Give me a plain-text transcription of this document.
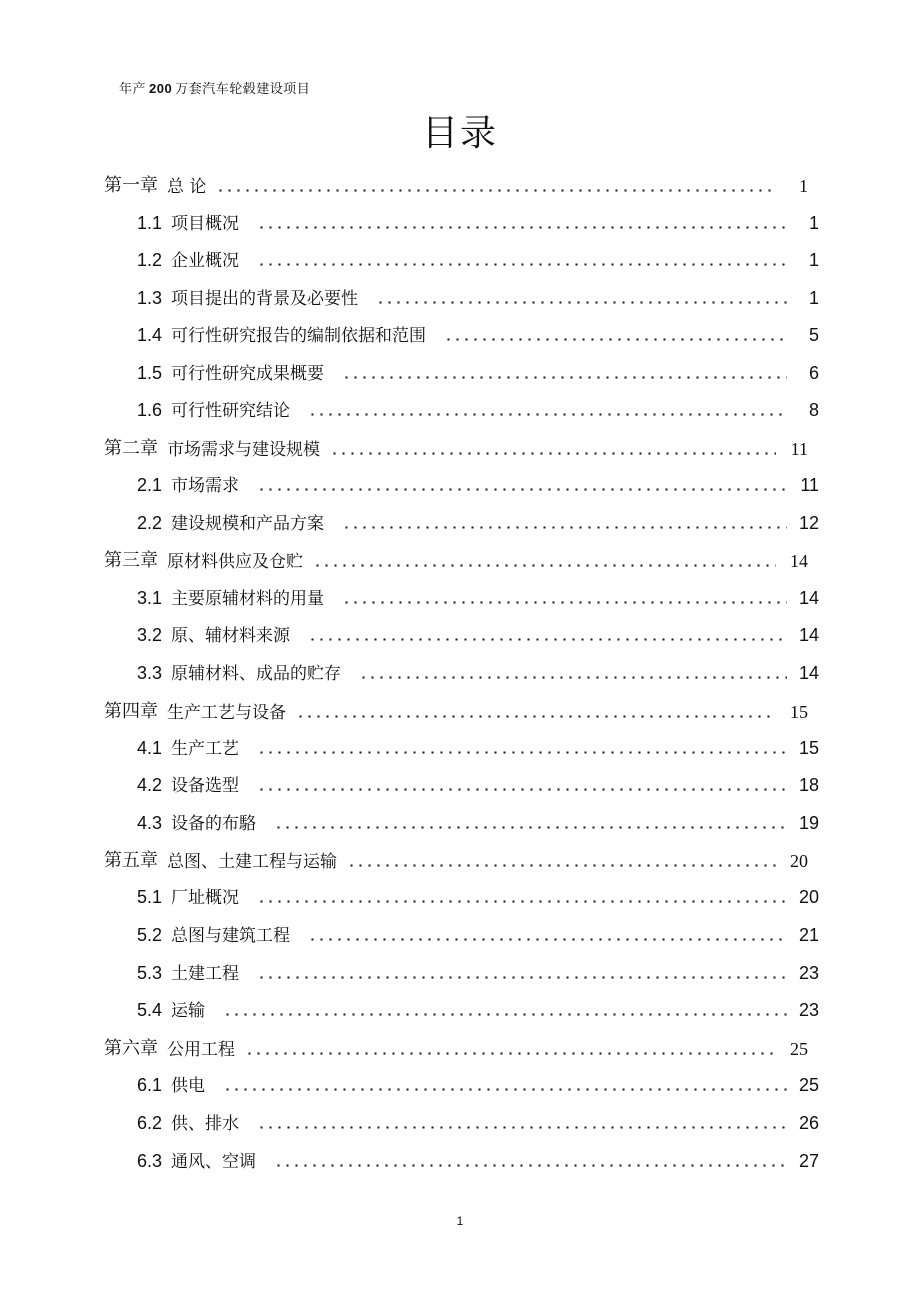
年产 200 万套汽车轮毂建设项目
目录
第一章 总 论	1
1.1 项目概况	1
1.2 企业概况	1
1.3 项目提出的背景及必要性	1
1.4 可行性研究报告的编制依据和范围	5
1.5 可行性研究成果概要	6
1.6 可行性研究结论	8
第二章 市场需求与建设规模	11
2.1 市场需求	11
2.2 建设规模和产品方案	12
第三章 原材料供应及仓贮	14
3.1 主要原辅材料的用量	14
3.2 原、辅材料来源	14
3.3 原辅材料、成品的贮存	14
第四章 生产工艺与设备	15
4.1 生产工艺	15
4.2 设备选型	18
4.3 设备的布駱	19
第五章 总图、土建工程与运输	20
5.1 厂址概况	20
5.2 总图与建筑工程	21
5.3 土建工程	23
5.4 运输	23
第六章 公用工程	25
6.1 供电	25
6.2 供、排水	26
6.3 通风、空调	27
1
